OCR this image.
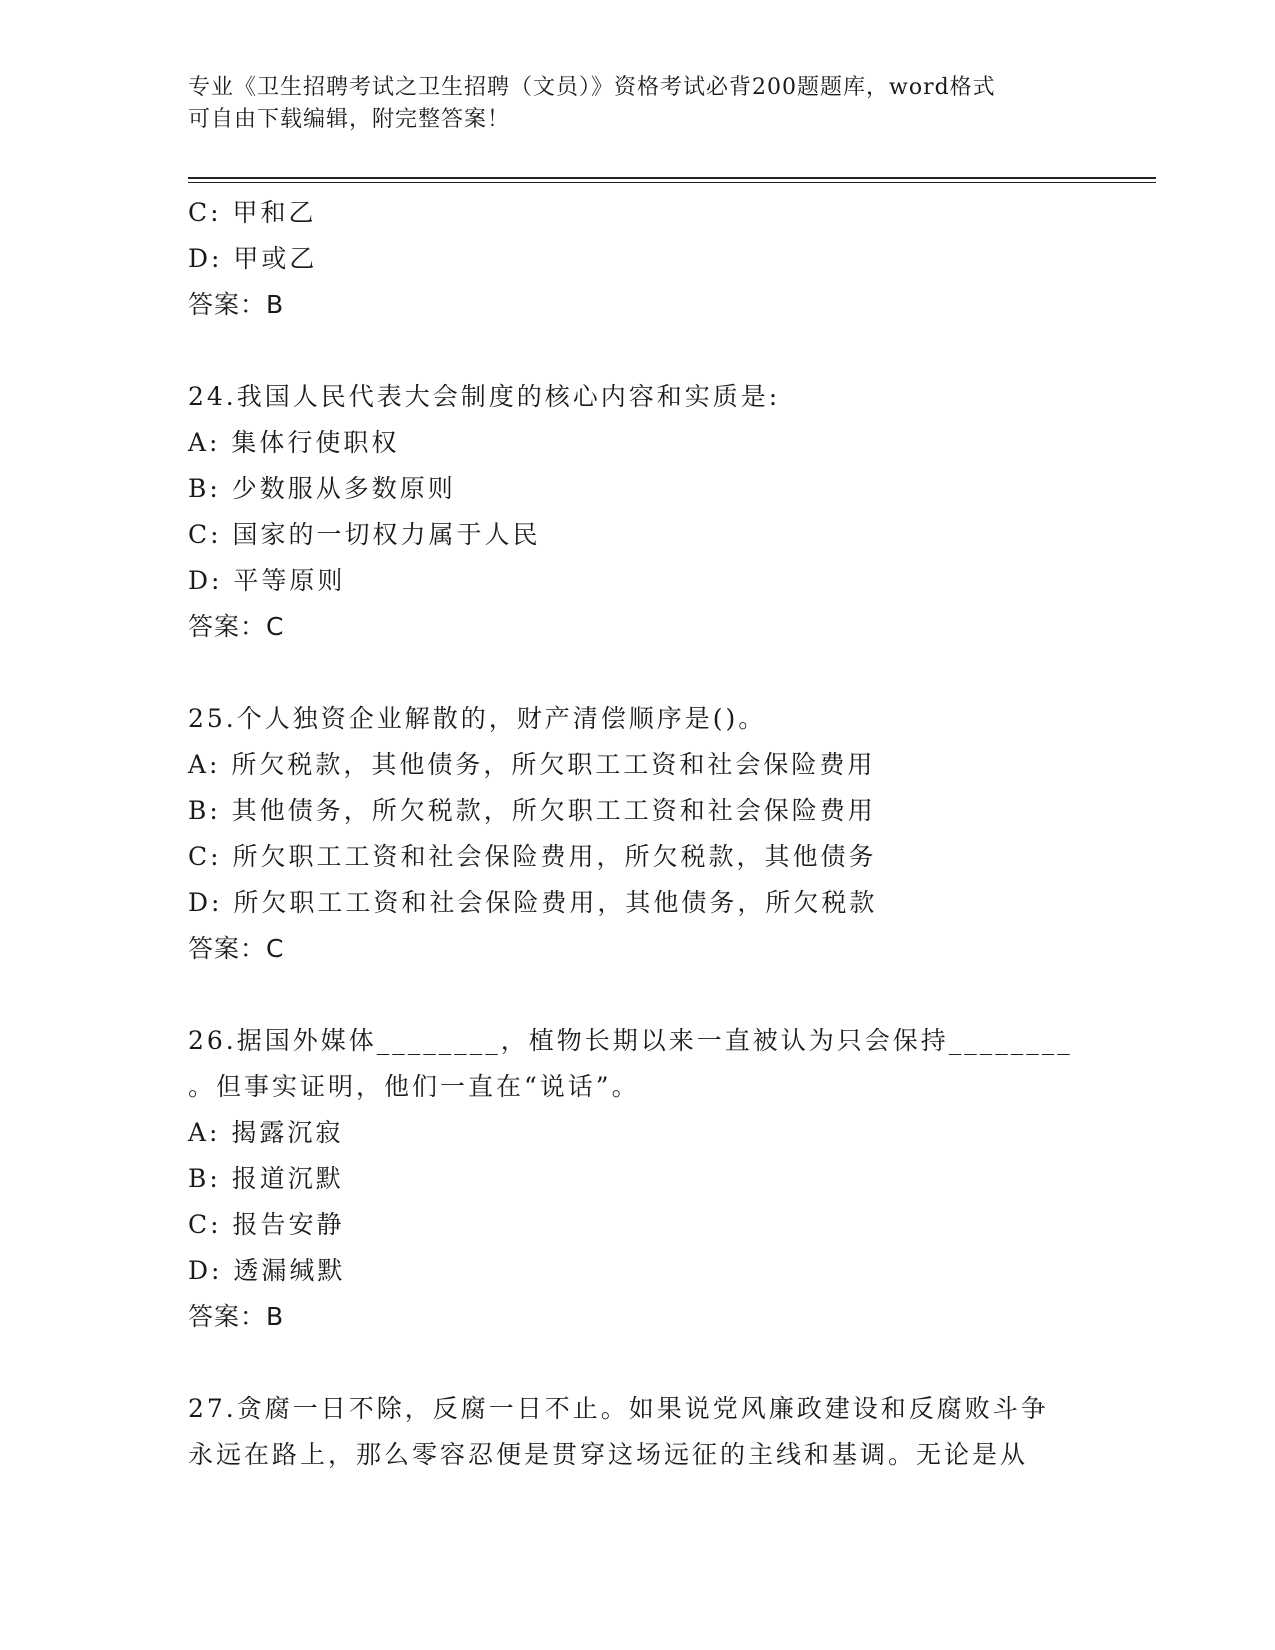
专业《卫生招聘考试之卫生招聘（文员）》资格考试必背200题题库，word格式
可自由下载编辑，附完整答案！
C: 甲和乙
D: 甲或乙
答案：B
24.我国人民代表大会制度的核心内容和实质是:
A: 集体行使职权
B: 少数服从多数原则
C: 国家的一切权力属于人民
D: 平等原则
答案：C
25.个人独资企业解散的，财产清偿顺序是()。
A: 所欠税款，其他债务，所欠职工工资和社会保险费用
B: 其他债务，所欠税款，所欠职工工资和社会保险费用
C: 所欠职工工资和社会保险费用，所欠税款，其他债务
D: 所欠职工工资和社会保险费用，其他债务，所欠税款
答案：C
26.据国外媒体________，植物长期以来一直被认为只会保持________
。但事实证明，他们一直在“说话”。
A: 揭露沉寂
B: 报道沉默
C: 报告安静
D: 透漏缄默
答案：B
27.贪腐一日不除，反腐一日不止。如果说党风廉政建设和反腐败斗争
永远在路上，那么零容忍便是贯穿这场远征的主线和基调。无论是从
